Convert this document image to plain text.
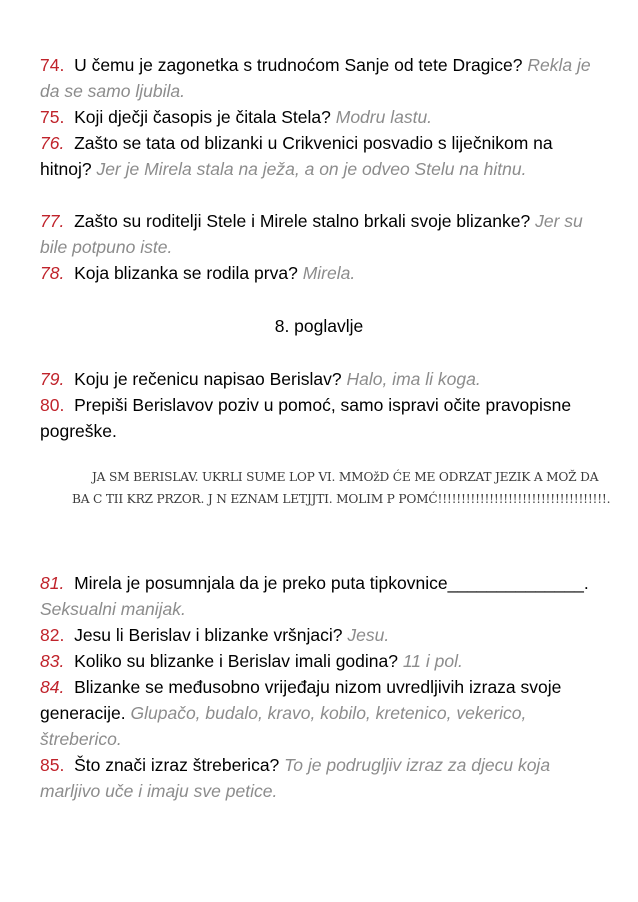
74. U čemu je zagonetka s trudnoćom Sanje od tete Dragice? Rekla je da se samo ljubila.
75. Koji dječji časopis je čitala Stela? Modru lastu.
76. Zašto se tata od blizanki u Crikvenici posvadio s liječnikom na hitnoj? Jer je Mirela stala na ježa, a on je odveo Stelu na hitnu.
77. Zašto su roditelji Stele i Mirele stalno brkali svoje blizanke? Jer su bile potpuno iste.
78. Koja blizanka se rodila prva? Mirela.
8. poglavlje
79. Koju je rečenicu napisao Berislav? Halo, ima li koga.
80. Prepiši Berislavov poziv u pomoć, samo ispravi očite pravopisne pogreške.
JA SM BERISLAV. UKRLI SUME LOP VI. MMOžD ĆE ME ODRZAT JEZIK A MOŽ DA
BA C TII KRZ PRZOR. J N EZNAM LETJJTI. MOLIM P POMĆ!!!!!!!!!!!!!!!!!!!!!!!!!!!!!!!!!!!!.
81. Mirela je posumnjala da je preko puta tipkovnice______________. Seksualni manijak.
82. Jesu li Berislav i blizanke vršnjaci? Jesu.
83. Koliko su blizanke i Berislav imali godina? 11 i pol.
84. Blizanke se međusobno vrijeđaju nizom uvredljivih izraza svoje generacije. Glupačo, budalo, kravo, kobilo, kretenico, vekerico, štreberico.
85. Što znači izraz štreberica? To je podrugljiv izraz za djecu koja marljivo uče i imaju sve petice.
